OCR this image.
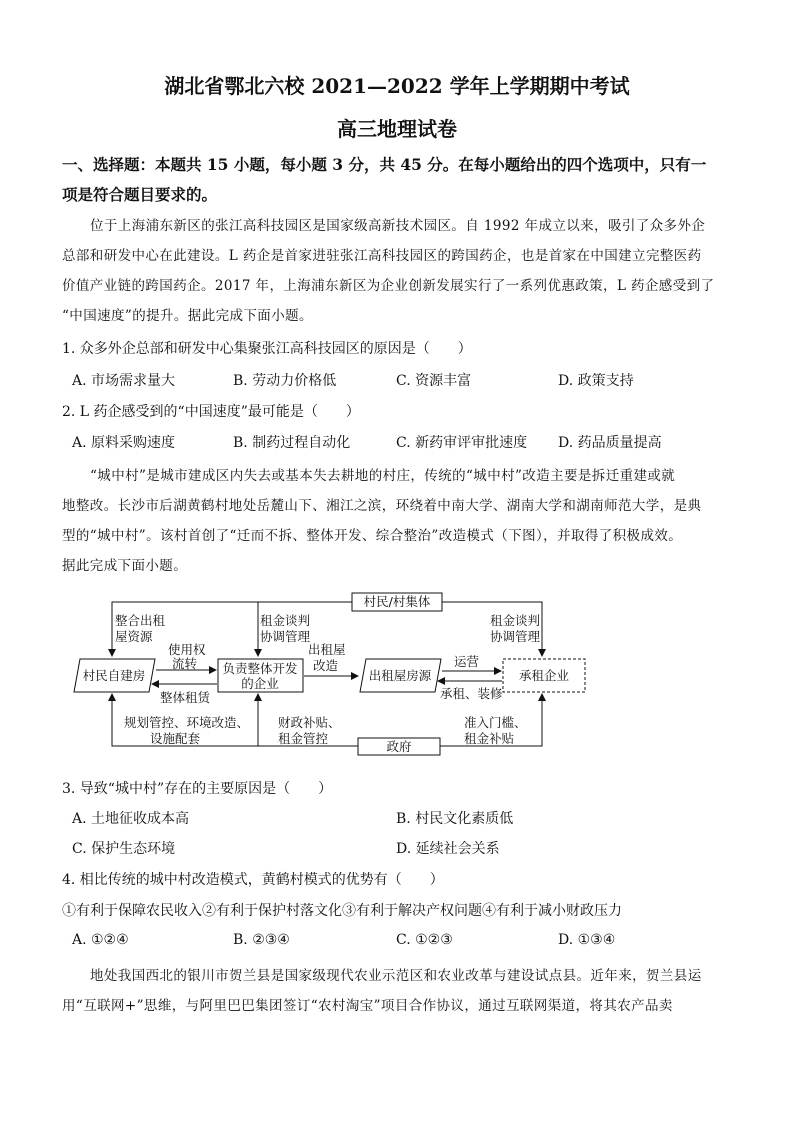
湖北省鄂北六校 2021—2022 学年上学期期中考试
高三地理试卷
一、选择题：本题共 15 小题，每小题 3 分，共 45 分。在每小题给出的四个选项中，只有一
项是符合题目要求的。
位于上海浦东新区的张江高科技园区是国家级高新技术园区。自 1992 年成立以来，吸引了众多外企
总部和研发中心在此建设。L 药企是首家进驻张江高科技园区的跨国药企，也是首家在中国建立完整医药
价值产业链的跨国药企。2017 年，上海浦东新区为企业创新发展实行了一系列优惠政策，L 药企感受到了
“中国速度”的提升。据此完成下面小题。
1. 众多外企总部和研发中心集聚张江高科技园区的原因是（　　）
A. 市场需求量大	B. 劳动力价格低	C. 资源丰富	D. 政策支持
2. L 药企感受到的“中国速度”最可能是（　　）
A. 原料采购速度	B. 制药过程自动化	C. 新药审评审批速度 D. 药品质量提高
“城中村”是城市建成区内失去或基本失去耕地的村庄，传统的“城中村”改造主要是拆迁重建或就
地整改。长沙市后湖黄鹤村地处岳麓山下、湘江之滨，环绕着中南大学、湖南大学和湖南师范大学，是典
型的“城中村”。该村首创了“迁而不拆、整体开发、综合整治”改造模式（下图），并取得了积极成效。
据此完成下面小题。
村民/村集体
整合出租
屋资源
租金谈判
协调管理
租金谈判
协调管理
村民自建房	负责整体开发
的企业
出租屋房源	承租企业
使用权
流转
整体租赁
出租屋
改造	运营
承租、装修
政府
规划管控、环境改造、
设施配套
财政补贴、
租金管控
准入门槛、
租金补贴
3. 导致“城中村”存在的主要原因是（　　）
A. 土地征收成本高	B. 村民文化素质低
C. 保护生态环境	D. 延续社会关系
4. 相比传统的城中村改造模式，黄鹤村模式的优势有（　　）
①有利于保障农民收入②有利于保护村落文化③有利于解决产权问题④有利于减小财政压力
A. ①②④	B. ②③④	C. ①②③	D. ①③④
地处我国西北的银川市贺兰县是国家级现代农业示范区和农业改革与建设试点县。近年来，贺兰县运
用“互联网+”思维，与阿里巴巴集团签订“农村淘宝”项目合作协议，通过互联网渠道，将其农产品卖
